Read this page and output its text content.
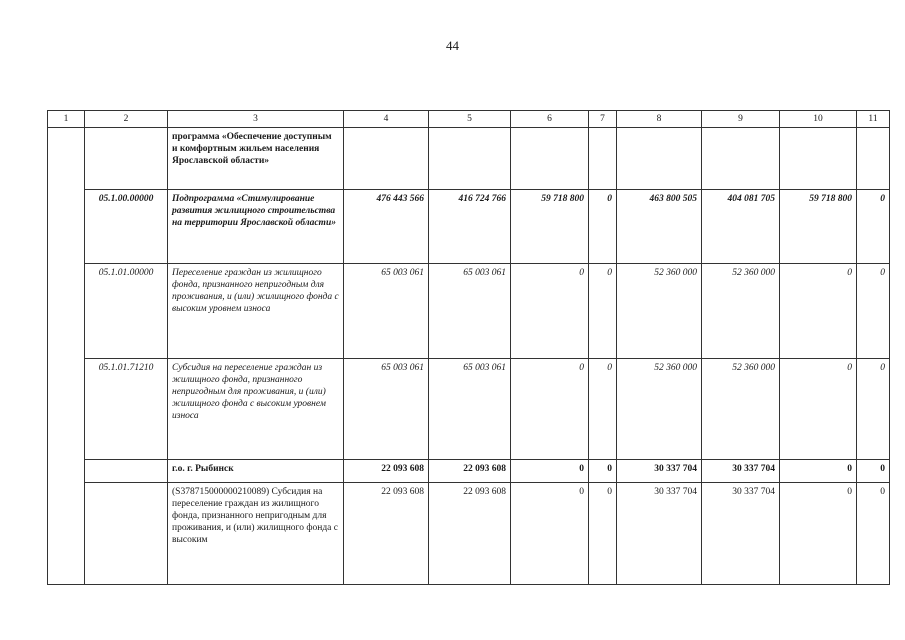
44
1	2	3	4	5	6	7	8	9	10	11
		программа «Обеспечение доступным и комфортным жильем населения Ярославской области»								
	05.1.00.00000	Подпрограмма «Стимулирование развития жилищного строительства на территории Ярославской области»	476 443 566	416 724 766	59 718 800	0	463 800 505	404 081 705	59 718 800	0
	05.1.01.00000	Переселение граждан из жилищного фонда, признанного непригодным для проживания, и (или) жилищного фонда с высоким уровнем износа	65 003 061	65 003 061	0	0	52 360 000	52 360 000	0	0
	05.1.01.71210	Субсидия на переселение граждан из жилищного фонда, признанного непригодным для проживания, и (или) жилищного фонда с высоким уровнем износа	65 003 061	65 003 061	0	0	52 360 000	52 360 000	0	0
		г.о. г. Рыбинск	22 093 608	22 093 608	0	0	30 337 704	30 337 704	0	0
		(S378715000000210089) Субсидия на переселение граждан из жилищного фонда, признанного непригодным для проживания, и (или) жилищного фонда с высоким	22 093 608	22 093 608	0	0	30 337 704	30 337 704	0	0
